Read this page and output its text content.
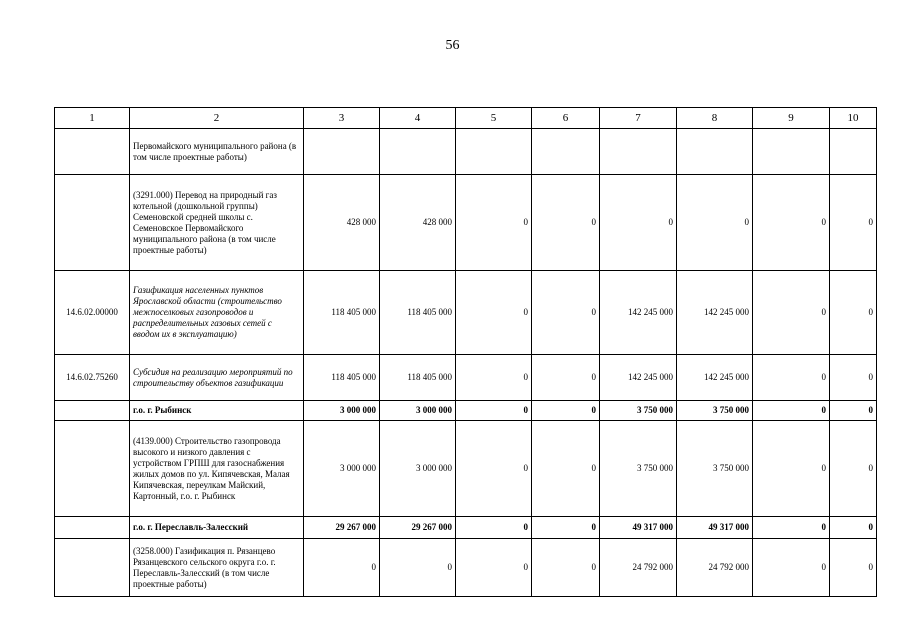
56
1	2	3	4	5	6	7	8	9	10
	Первомайского муниципального района (в том числе проектные работы)								
	(3291.000) Перевод на природный газ котельной (дошкольной группы) Семеновской средней школы с. Семеновское Первомайского муниципального района (в том числе проектные работы)	428 000	428 000	0	0	0	0	0	0
14.6.02.00000	Газификация населенных пунктов Ярославской области (строительство межпоселковых газопроводов и распределительных газовых сетей с вводом их в эксплуатацию)	118 405 000	118 405 000	0	0	142 245 000	142 245 000	0	0
14.6.02.75260	Субсидия на реализацию мероприятий по строительству объектов газификации	118 405 000	118 405 000	0	0	142 245 000	142 245 000	0	0
	г.о. г. Рыбинск	3 000 000	3 000 000	0	0	3 750 000	3 750 000	0	0
	(4139.000) Строительство газопровода высокого и низкого давления с устройством ГРПШ для газоснабжения жилых домов по ул. Кипячевская, Малая Кипячевская, переулкам Майский, Картонный, г.о. г. Рыбинск	3 000 000	3 000 000	0	0	3 750 000	3 750 000	0	0
	г.о. г. Переславль-Залесский	29 267 000	29 267 000	0	0	49 317 000	49 317 000	0	0
	(3258.000) Газификация п. Рязанцево Рязанцевского сельского округа г.о. г. Переславль-Залесский (в том числе проектные работы)	0	0	0	0	24 792 000	24 792 000	0	0
